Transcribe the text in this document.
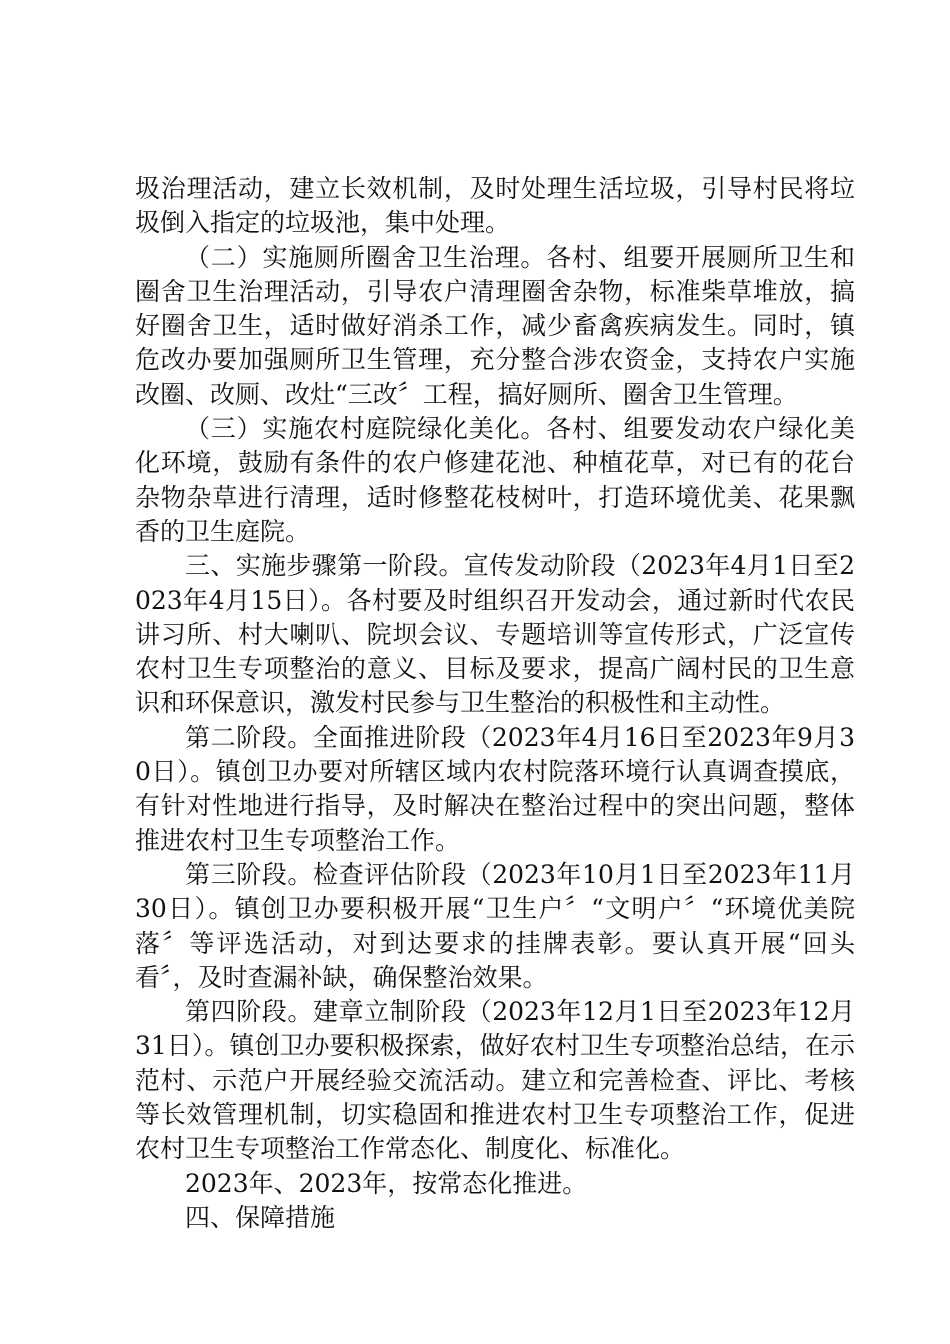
圾治理活动，建立长效机制，及时处理生活垃圾，引导村民将垃圾倒入指定的垃圾池，集中处理。

（二）实施厕所圈舍卫生治理。各村、组要开展厕所卫生和圈舍卫生治理活动，引导农户清理圈舍杂物，标准柴草堆放，搞好圈舍卫生，适时做好消杀工作，减少畜禽疾病发生。同时，镇危改办要加强厕所卫生管理，充分整合涉农资金，支持农户实施改圈、改厕、改灶“三改〞工程，搞好厕所、圈舍卫生管理。

（三）实施农村庭院绿化美化。各村、组要发动农户绿化美化环境，鼓励有条件的农户修建花池、种植花草，对已有的花台杂物杂草进行清理，适时修整花枝树叶，打造环境优美、花果飘香的卫生庭院。

三、实施步骤第一阶段。宣传发动阶段（2023年4月1日至2023年4月15日）。各村要及时组织召开发动会，通过新时代农民讲习所、村大喇叭、院坝会议、专题培训等宣传形式，广泛宣传农村卫生专项整治的意义、目标及要求，提高广阔村民的卫生意识和环保意识，激发村民参与卫生整治的积极性和主动性。

第二阶段。全面推进阶段（2023年4月16日至2023年9月30日）。镇创卫办要对所辖区域内农村院落环境行认真调查摸底，有针对性地进行指导，及时解决在整治过程中的突出问题，整体推进农村卫生专项整治工作。

第三阶段。检查评估阶段（2023年10月1日至2023年11月30日）。镇创卫办要积极开展“卫生户〞“文明户〞“环境优美院落〞等评选活动，对到达要求的挂牌表彰。要认真开展“回头看〞，及时查漏补缺，确保整治效果。

第四阶段。建章立制阶段（2023年12月1日至2023年12月31日）。镇创卫办要积极探索，做好农村卫生专项整治总结，在示范村、示范户开展经验交流活动。建立和完善检查、评比、考核等长效管理机制，切实稳固和推进农村卫生专项整治工作，促进农村卫生专项整治工作常态化、制度化、标准化。

2023年、2023年，按常态化推进。

四、保障措施
